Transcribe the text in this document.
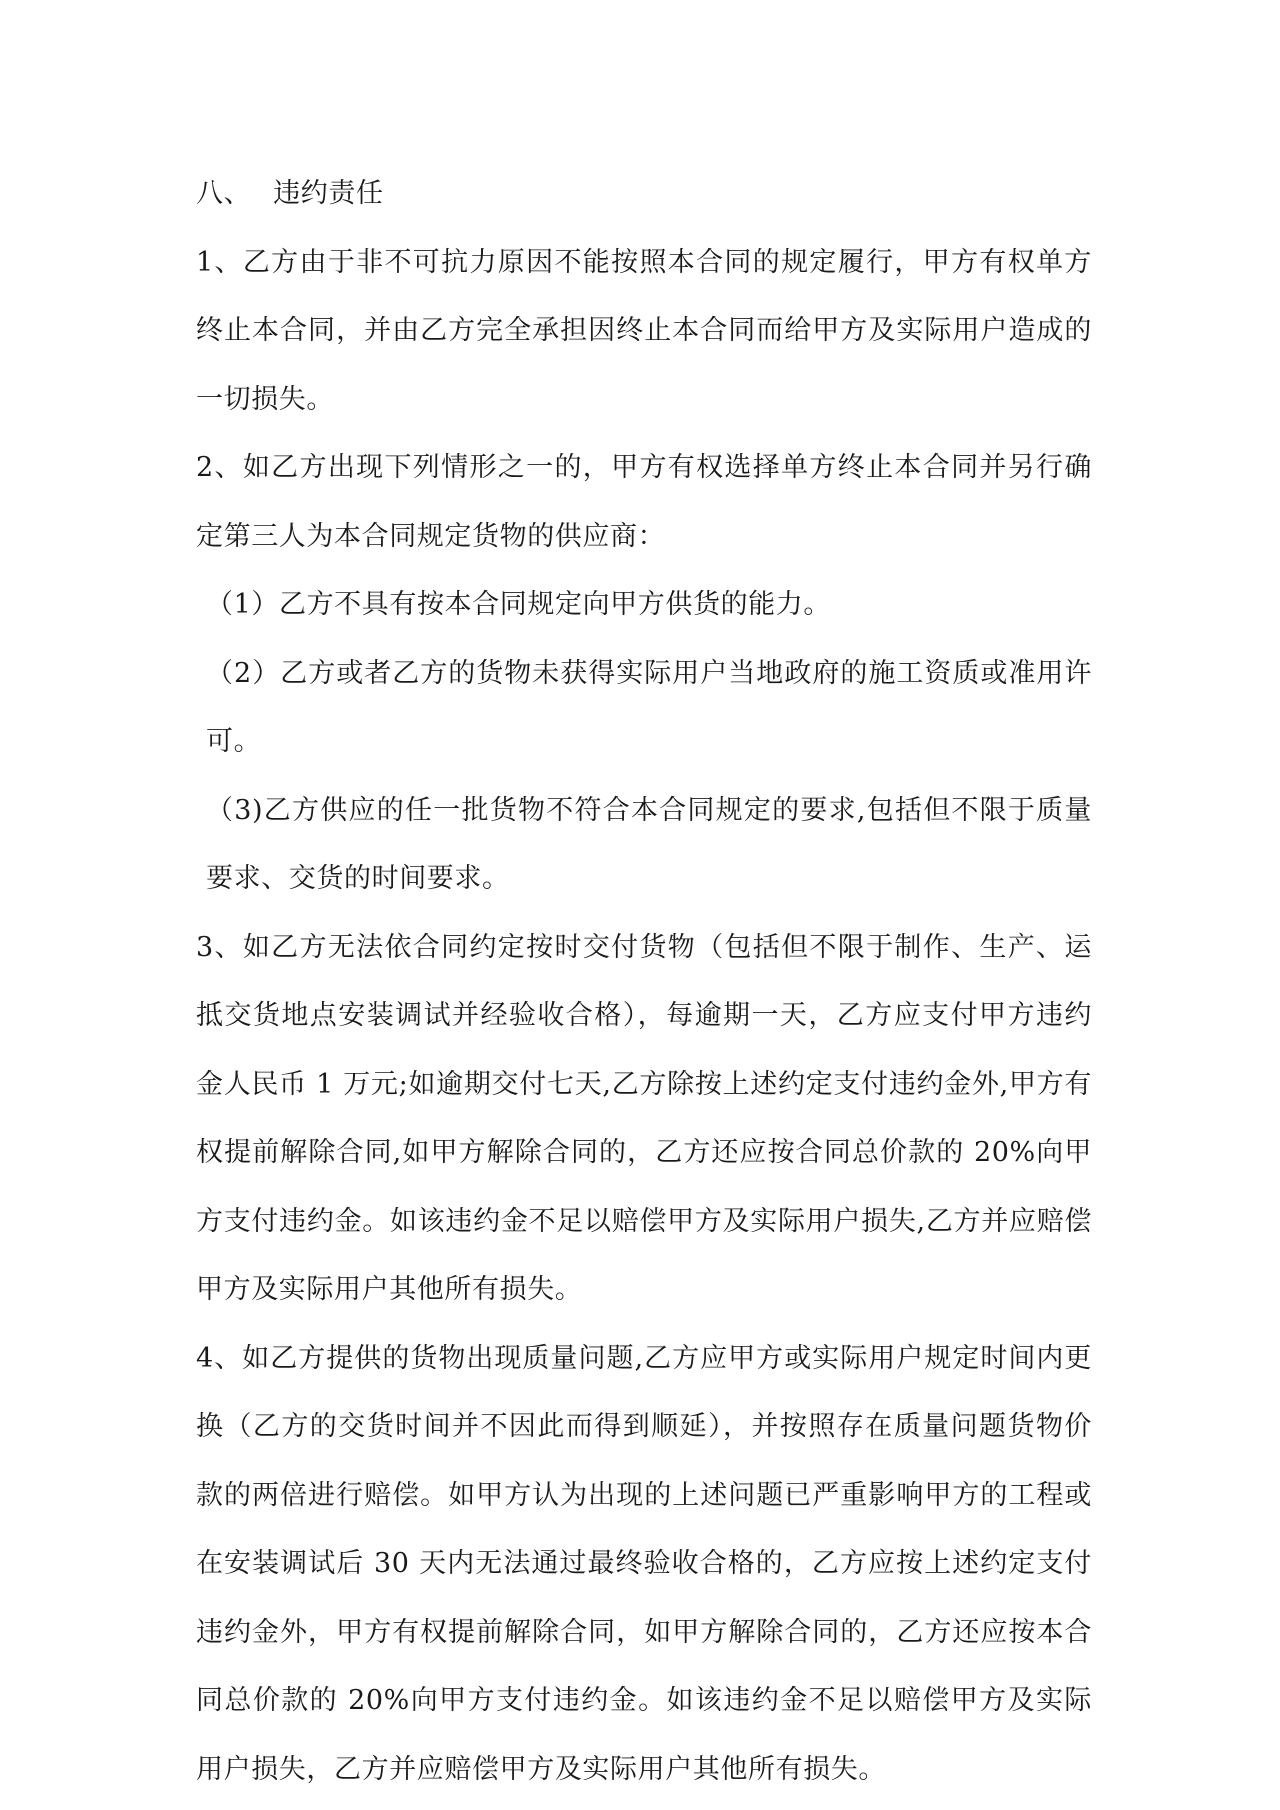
八、 违约责任

1、乙方由于非不可抗力原因不能按照本合同的规定履行，甲方有权单方终止本合同，并由乙方完全承担因终止本合同而给甲方及实际用户造成的一切损失。

2、如乙方出现下列情形之一的，甲方有权选择单方终止本合同并另行确定第三人为本合同规定货物的供应商：

（1）乙方不具有按本合同规定向甲方供货的能力。

（2）乙方或者乙方的货物未获得实际用户当地政府的施工资质或准用许可。

（3)乙方供应的任一批货物不符合本合同规定的要求,包括但不限于质量要求、交货的时间要求。

3、如乙方无法依合同约定按时交付货物（包括但不限于制作、生产、运抵交货地点安装调试并经验收合格），每逾期一天，乙方应支付甲方违约金人民币 1 万元;如逾期交付七天,乙方除按上述约定支付违约金外,甲方有权提前解除合同,如甲方解除合同的，乙方还应按合同总价款的 20%向甲方支付违约金。如该违约金不足以赔偿甲方及实际用户损失,乙方并应赔偿甲方及实际用户其他所有损失。

4、如乙方提供的货物出现质量问题,乙方应甲方或实际用户规定时间内更换（乙方的交货时间并不因此而得到顺延），并按照存在质量问题货物价款的两倍进行赔偿。如甲方认为出现的上述问题已严重影响甲方的工程或在安装调试后 30 天内无法通过最终验收合格的，乙方应按上述约定支付违约金外，甲方有权提前解除合同，如甲方解除合同的，乙方还应按本合同总价款的 20%向甲方支付违约金。如该违约金不足以赔偿甲方及实际用户损失，乙方并应赔偿甲方及实际用户其他所有损失。
